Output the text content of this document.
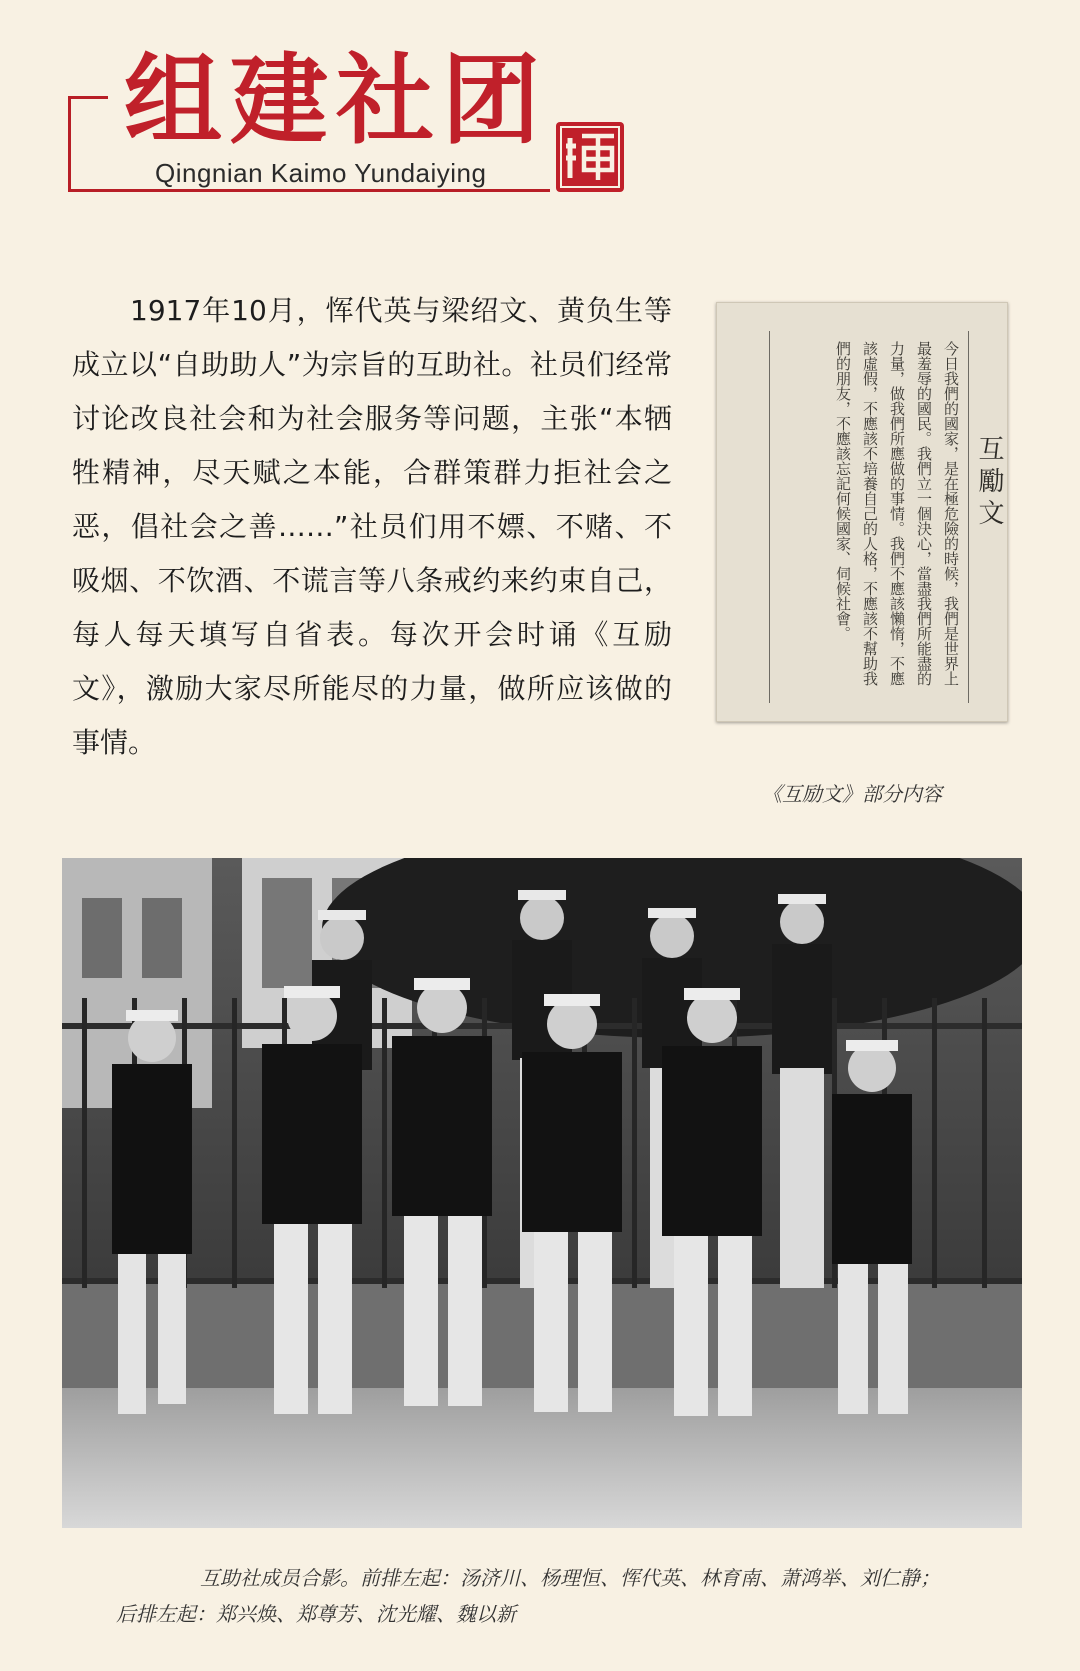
组建社团
Qingnian Kaimo Yundaiying
1917年10月，恽代英与梁绍文、黄负生等成立以“自助助人”为宗旨的互助社。社员们经常讨论改良社会和为社会服务等问题，主张“本牺牲精神，尽天赋之本能，合群策群力拒社会之恶，倡社会之善……”社员们用不嫖、不赌、不吸烟、不饮酒、不谎言等八条戒约来约束自己，每人每天填写自省表。每次开会时诵《互励文》，激励大家尽所能尽的力量，做所应该做的事情。
今日我們的國家，是在極危險的時候，我們是世界上最羞辱的國民。我們立一個決心，當盡我們所能盡的力量，做我們所應做的事情。我們不應該懶惰，不應該虛假，不應該不培養自己的人格，不應該不幫助我們的朋友，不應該忘記何候國家、伺候社會。	互勵文
《互励文》部分内容
互助社成员合影。前排左起：汤济川、杨理恒、恽代英、林育南、萧鸿举、刘仁静；
后排左起：郑兴焕、郑尊芳、沈光耀、魏以新
